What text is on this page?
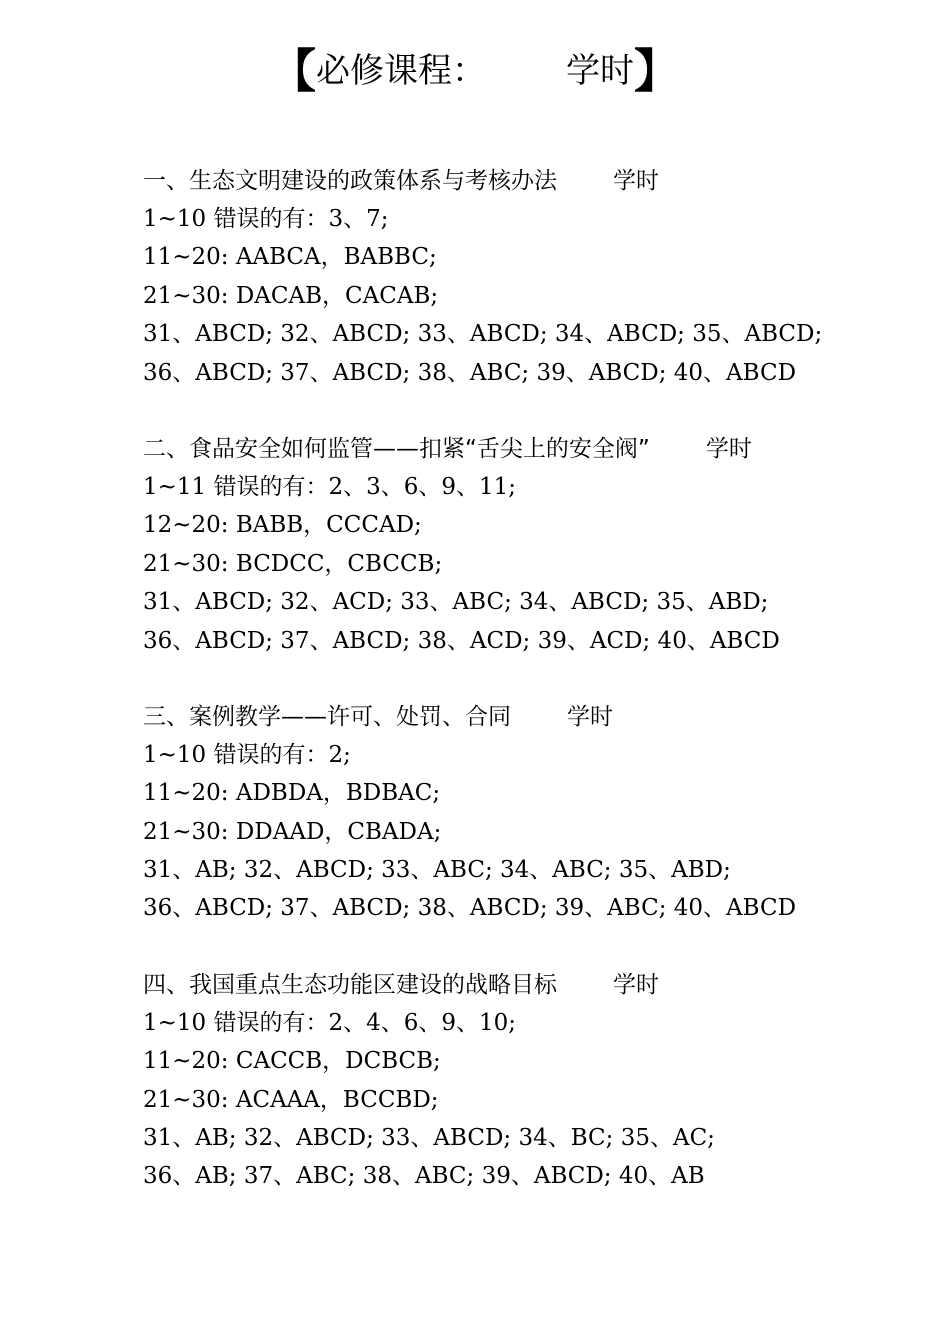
【必修课程： 学时】
一、生态文明建设的政策体系与考核办法 学时
1~10 错误的有：3、7;
11~20: AABCA，BABBC;
21~30: DACAB，CACAB;
31、ABCD; 32、ABCD; 33、ABCD; 34、ABCD; 35、ABCD;
36、ABCD; 37、ABCD; 38、ABC; 39、ABCD; 40、ABCD
二、食品安全如何监管——扣紧“舌尖上的安全阀” 学时
1~11 错误的有：2、3、6、9、11;
12~20: BABB，CCCAD;
21~30: BCDCC，CBCCB;
31、ABCD; 32、ACD; 33、ABC; 34、ABCD; 35、ABD;
36、ABCD; 37、ABCD; 38、ACD; 39、ACD; 40、ABCD
三、案例教学——许可、处罚、合同 学时
1~10 错误的有：2;
11~20: ADBDA，BDBAC;
21~30: DDAAD，CBADA;
31、AB; 32、ABCD; 33、ABC; 34、ABC; 35、ABD;
36、ABCD; 37、ABCD; 38、ABCD; 39、ABC; 40、ABCD
四、我国重点生态功能区建设的战略目标 学时
1~10 错误的有：2、4、6、9、10;
11~20: CACCB，DCBCB;
21~30: ACAAA，BCCBD;
31、AB; 32、ABCD; 33、ABCD; 34、BC; 35、AC;
36、AB; 37、ABC; 38、ABC; 39、ABCD; 40、AB
